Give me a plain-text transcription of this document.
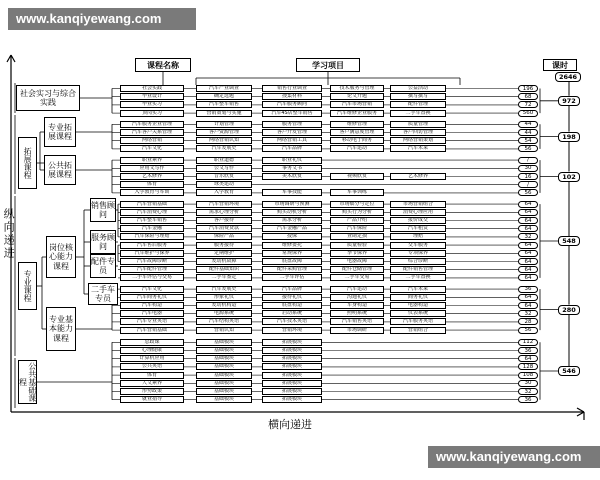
www.kanqiyewang.com
www.kanqiyewang.com
纵向递进
横向递进
课程名称	学习项目	课时
2646
社会实习与综合实践
拓展课程
专业拓展课程
公共拓展课程
专业课程
岗位核心能力课程
销售顾问
服务顾问
配件专员
二手车专员
专业基本能力课程
公共基础课程
社会实践	汽车产业调查	销售行业调查	技术服务与管理	公益活动	196
毕业设计	确定选题	搜集材料	论文开题	撰写撰写	68
毕业实习	汽车整车销售	汽车服务顾问	汽车市场营销	配件管理	72
顶岗实习	营销策划与实施	汽车4S店整车销售	汽车维修企业服务	二手车置换	560
汽车服务企业管理	计划管理	服务管理	维修管理	质量管理	44
汽车客户关系管理	客户资源管理	客户开发管理	客户满意度管理	客户回访管理	44
网络营销	网络营销认知	网络营销工具	移动电子商务	网络营销策划	54
汽车文化	汽车发展史	汽车品牌	汽车运动	汽车未来	56
职业素养	职业道德	职业礼仪	/
应用文写作	公文写作	事务文书	30
艺术修养	音乐欣赏	美术欣赏	视频欣赏	艺术修养	16
体育	球类运动	/
入学教育与军训	入学教育	军事技能	军事训练	56
汽车营销基础	汽车营销环境	市场调研与预测	市场细分与定位	市场营销组合	64
汽车消费心理	需求心理分析	购买动机分析	购买行为分析	消费心理应用	64
汽车整车销售	客户接待	需求分析	产品介绍	报价成交	64
汽车金融	汽车消费贷款	汽车金融产品	汽车保险	汽车租赁	64
汽车保险与理赔	保险产品	投保	查勘定损	理赔	32
汽车售后服务	服务接待	维修委托	质量检验	交车服务	64
汽车维护与保养	定期维护	常规保养	季节保养	专项保养	64
汽车故障诊断	发动机故障	底盘故障	电器故障	综合诊断	64
汽车配件管理	配件基础知识	配件采购管理	配件仓储管理	配件销售管理	64
二手车评估与交易	二手车鉴定	二手车评估	二手车交易	二手车置换	64
汽车文化	汽车发展史	汽车品牌	汽车运动	汽车未来	36
汽车商务礼仪	形象礼仪	接待礼仪	沟通礼仪	商务礼仪	64
汽车构造	发动机构造	底盘构造	车身构造	电器构造	64
汽车电器	电源系统	启动系统	照明系统	仪表系统	32
汽车专业英语	汽车结构英语	汽车技术英语	汽车销售英语	汽车服务英语	28
汽车营销基础	营销认知	营销环境	市场调研	营销组合	56
思政课	基础模块	拓展模块	112
心理健康	基础模块	拓展模块	36
计算机应用	基础模块	拓展模块	64
公共英语	基础模块	拓展模块	128
体育	基础模块	拓展模块	108
人文素养	基础模块	拓展模块	30
形势政策	基础模块	拓展模块	32
就业指导	基础模块	拓展模块	36
972
198
102
548
280
546
